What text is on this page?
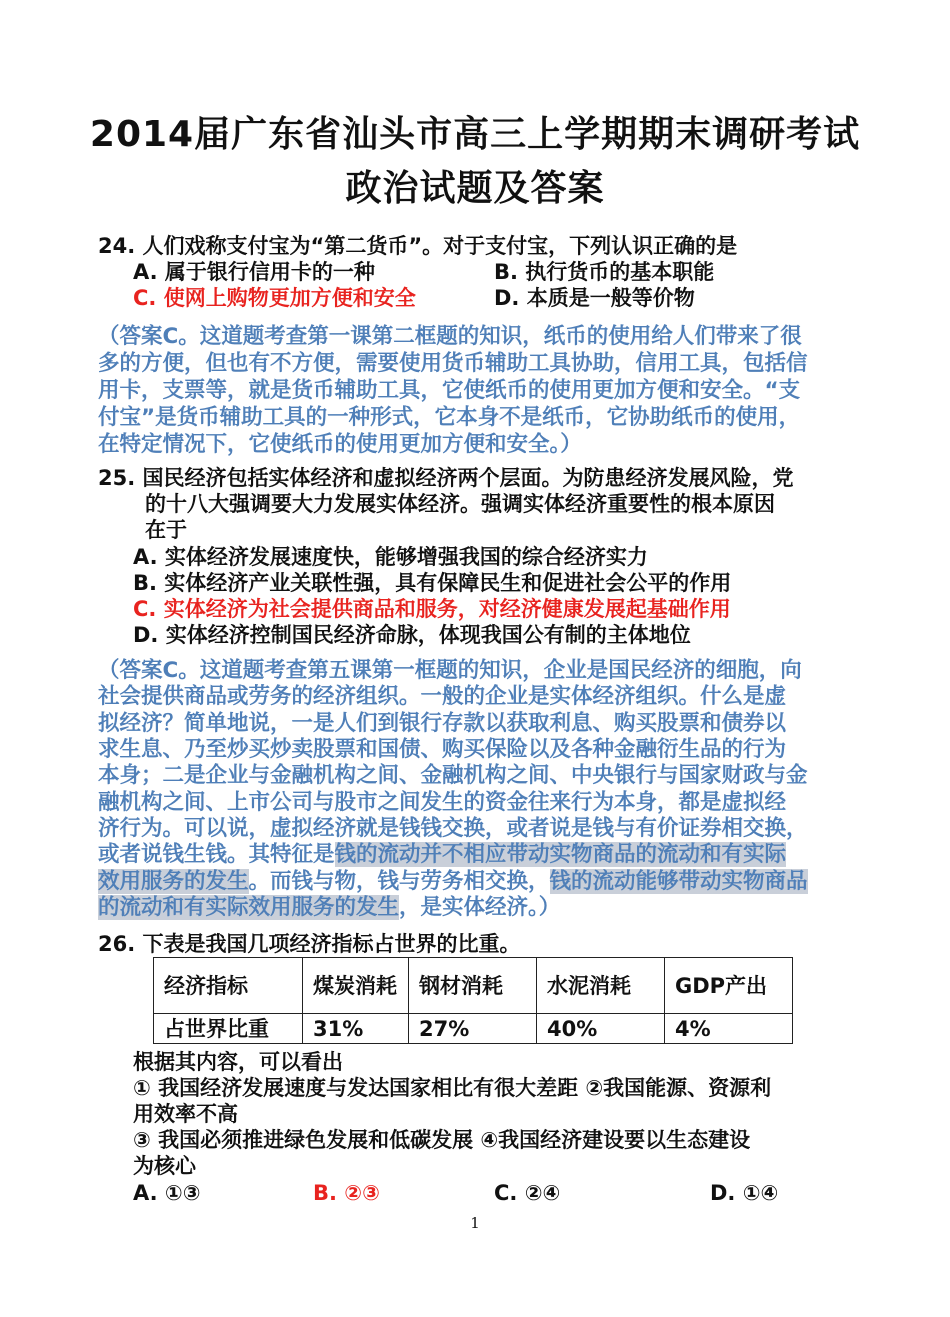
2014届广东省汕头市高三上学期期末调研考试
政治试题及答案
24. 人们戏称支付宝为“第二货币”。对于支付宝，下列认识正确的是
A. 属于银行信用卡的一种	B. 执行货币的基本职能
C. 使网上购物更加方便和安全	D. 本质是一般等价物
（答案C。这道题考查第一课第二框题的知识，纸币的使用给人们带来了很
多的方便，但也有不方便，需要使用货币辅助工具协助，信用工具，包括信
用卡，支票等，就是货币辅助工具，它使纸币的使用更加方便和安全。“支
付宝”是货币辅助工具的一种形式，它本身不是纸币，它协助纸币的使用，
在特定情况下，它使纸币的使用更加方便和安全。）
25. 国民经济包括实体经济和虚拟经济两个层面。为防患经济发展风险，党
的十八大强调要大力发展实体经济。强调实体经济重要性的根本原因
在于
A. 实体经济发展速度快，能够增强我国的综合经济实力
B. 实体经济产业关联性强，具有保障民生和促进社会公平的作用
C. 实体经济为社会提供商品和服务，对经济健康发展起基础作用
D. 实体经济控制国民经济命脉，体现我国公有制的主体地位
（答案C。这道题考查第五课第一框题的知识，企业是国民经济的细胞，向
社会提供商品或劳务的经济组织。一般的企业是实体经济组织。什么是虚
拟经济？简单地说，一是人们到银行存款以获取利息、购买股票和债券以
求生息、乃至炒买炒卖股票和国债、购买保险以及各种金融衍生品的行为
本身；二是企业与金融机构之间、金融机构之间、中央银行与国家财政与金
融机构之间、上市公司与股市之间发生的资金往来行为本身，都是虚拟经
济行为。可以说，虚拟经济就是钱钱交换，或者说是钱与有价证券相交换，
或者说钱生钱。其特征是钱的流动并不相应带动实物商品的流动和有实际
效用服务的发生。而钱与物，钱与劳务相交换，钱的流动能够带动实物商品
的流动和有实际效用服务的发生，是实体经济。）
26. 下表是我国几项经济指标占世界的比重。
经济指标	煤炭消耗	钢材消耗	水泥消耗	GDP产出
占世界比重	31%	27%	40%	4%
根据其内容，可以看出
① 我国经济发展速度与发达国家相比有很大差距 ②我国能源、资源利
用效率不高
③ 我国必须推进绿色发展和低碳发展 ④我国经济建设要以生态建设
为核心
A. ①③	B. ②③	C. ②④	D. ①④
1
